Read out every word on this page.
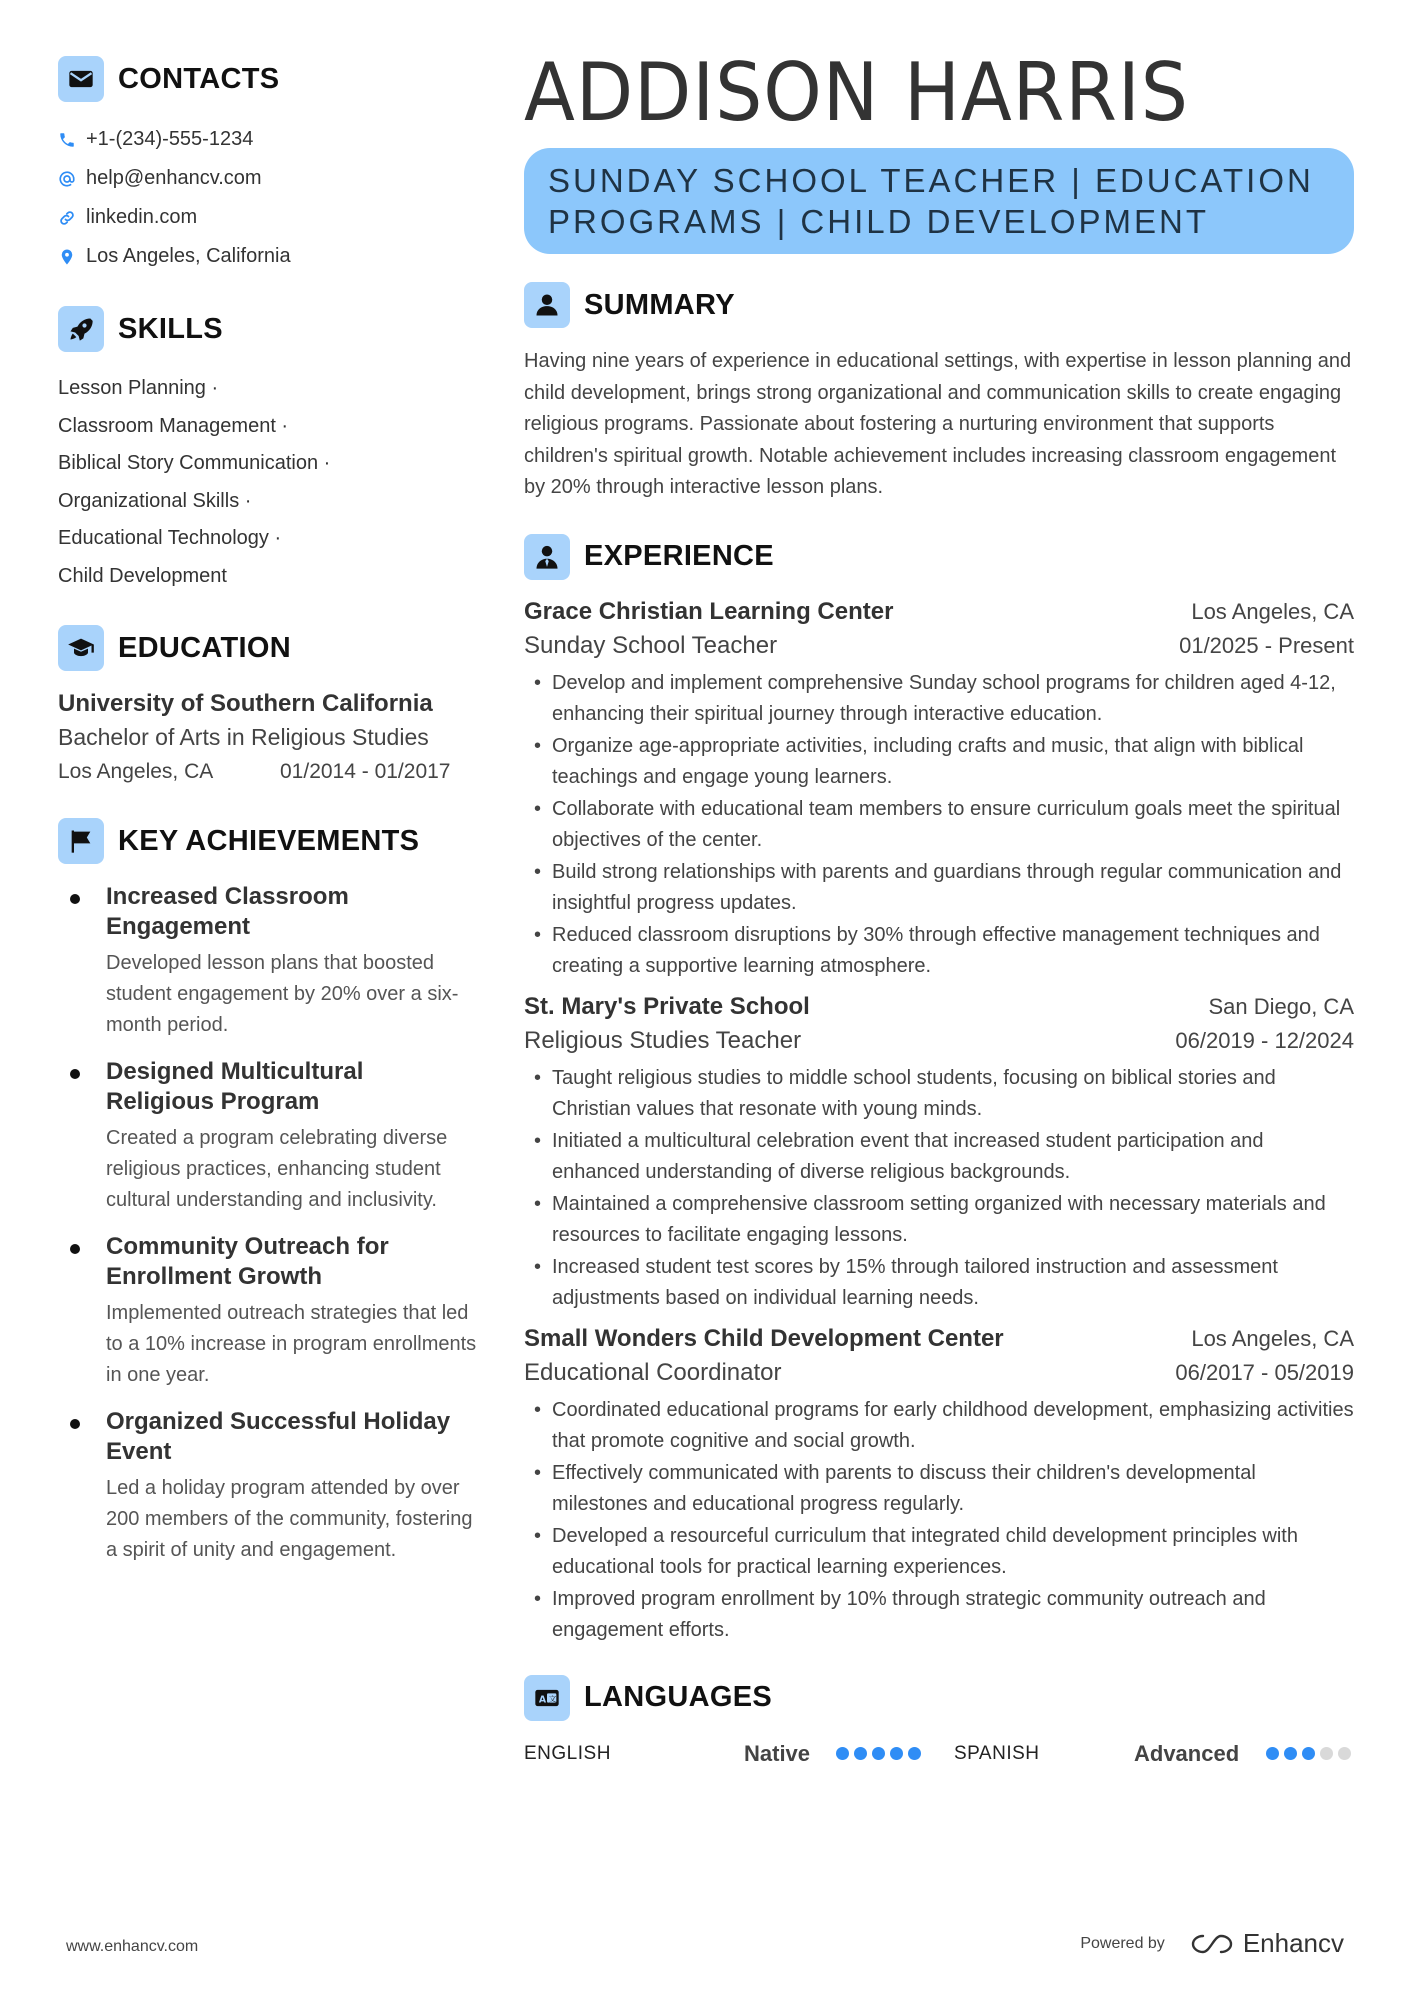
CONTACTS
+1-(234)-555-1234
help@enhancv.com
linkedin.com
Los Angeles, California
SKILLS
Lesson Planning ·
Classroom Management ·
Biblical Story Communication ·
Organizational Skills ·
Educational Technology ·
Child Development
EDUCATION
University of Southern California
Bachelor of Arts in Religious Studies
Los Angeles, CA	01/2014 - 01/2017
KEY ACHIEVEMENTS
Increased Classroom Engagement
Developed lesson plans that boosted student engagement by 20% over a six-month period.
Designed Multicultural Religious Program
Created a program celebrating diverse religious practices, enhancing student cultural understanding and inclusivity.
Community Outreach for Enrollment Growth
Implemented outreach strategies that led to a 10% increase in program enrollments in one year.
Organized Successful Holiday Event
Led a holiday program attended by over 200 members of the community, fostering a spirit of unity and engagement.
ADDISON HARRIS
SUNDAY SCHOOL TEACHER | EDUCATION PROGRAMS | CHILD DEVELOPMENT
SUMMARY

Having nine years of experience in educational settings, with expertise in lesson planning and child development, brings strong organizational and communication skills to create engaging religious programs. Passionate about fostering a nurturing environment that supports children's spiritual growth. Notable achievement includes increasing classroom engagement by 20% through interactive lesson plans.

EXPERIENCE
Grace Christian Learning Center	Los Angeles, CA
Sunday School Teacher	01/2025 - Present
• Develop and implement comprehensive Sunday school programs for children aged 4-12, enhancing their spiritual journey through interactive education.
• Organize age-appropriate activities, including crafts and music, that align with biblical teachings and engage young learners.
• Collaborate with educational team members to ensure curriculum goals meet the spiritual objectives of the center.
• Build strong relationships with parents and guardians through regular communication and insightful progress updates.
• Reduced classroom disruptions by 30% through effective management techniques and creating a supportive learning atmosphere.
St. Mary's Private School	San Diego, CA
Religious Studies Teacher	06/2019 - 12/2024
• Taught religious studies to middle school students, focusing on biblical stories and Christian values that resonate with young minds.
• Initiated a multicultural celebration event that increased student participation and enhanced understanding of diverse religious backgrounds.
• Maintained a comprehensive classroom setting organized with necessary materials and resources to facilitate engaging lessons.
• Increased student test scores by 15% through tailored instruction and assessment adjustments based on individual learning needs.
Small Wonders Child Development Center	Los Angeles, CA
Educational Coordinator	06/2017 - 05/2019
• Coordinated educational programs for early childhood development, emphasizing activities that promote cognitive and social growth.
• Effectively communicated with parents to discuss their children's developmental milestones and educational progress regularly.
• Developed a resourceful curriculum that integrated child development principles with educational tools for practical learning experiences.
• Improved program enrollment by 10% through strategic community outreach and engagement efforts.
A 文 LANGUAGES
ENGLISH	Native	SPANISH	Advanced
www.enhancv.com	Powered by	Enhancv
